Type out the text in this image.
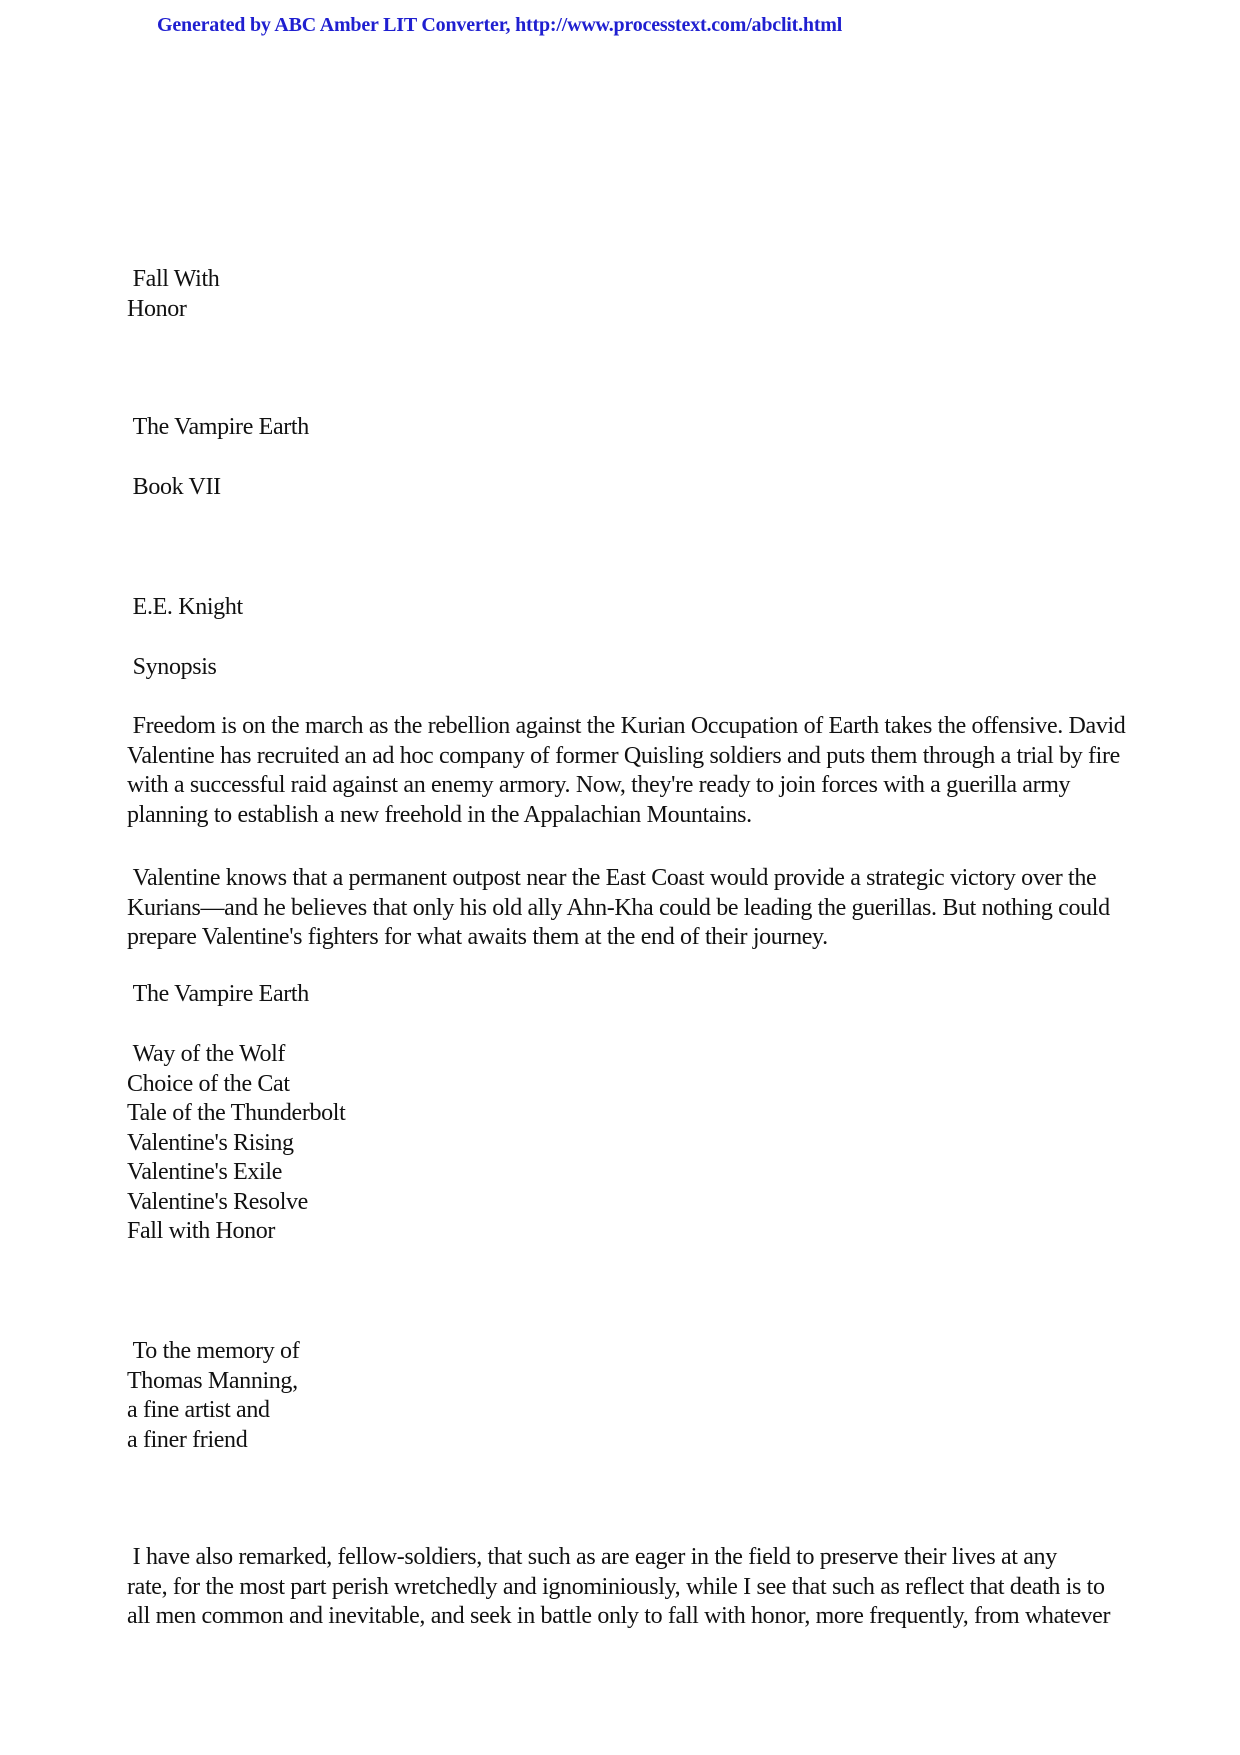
Generated by ABC Amber LIT Converter, http://www.processtext.com/abclit.html
Fall With
Honor
The Vampire Earth
Book VII
E.E. Knight
Synopsis
Freedom is on the march as the rebellion against the Kurian Occupation of Earth takes the offensive. David Valentine has recruited an ad hoc company of former Quisling soldiers and puts them through a trial by fire with a successful raid against an enemy armory. Now, they're ready to join forces with a guerilla army planning to establish a new freehold in the Appalachian Mountains.
Valentine knows that a permanent outpost near the East Coast would provide a strategic victory over the Kurians—and he believes that only his old ally Ahn-Kha could be leading the guerillas. But nothing could prepare Valentine's fighters for what awaits them at the end of their journey.
The Vampire Earth
Way of the Wolf
Choice of the Cat
Tale of the Thunderbolt
Valentine's Rising
Valentine's Exile
Valentine's Resolve
Fall with Honor
To the memory of
Thomas Manning,
a fine artist and
a finer friend
I have also remarked, fellow-soldiers, that such as are eager in the field to preserve their lives at any
rate, for the most part perish wretchedly and ignominiously, while I see that such as reflect that death is to
all men common and inevitable, and seek in battle only to fall with honor, more frequently, from whatever
